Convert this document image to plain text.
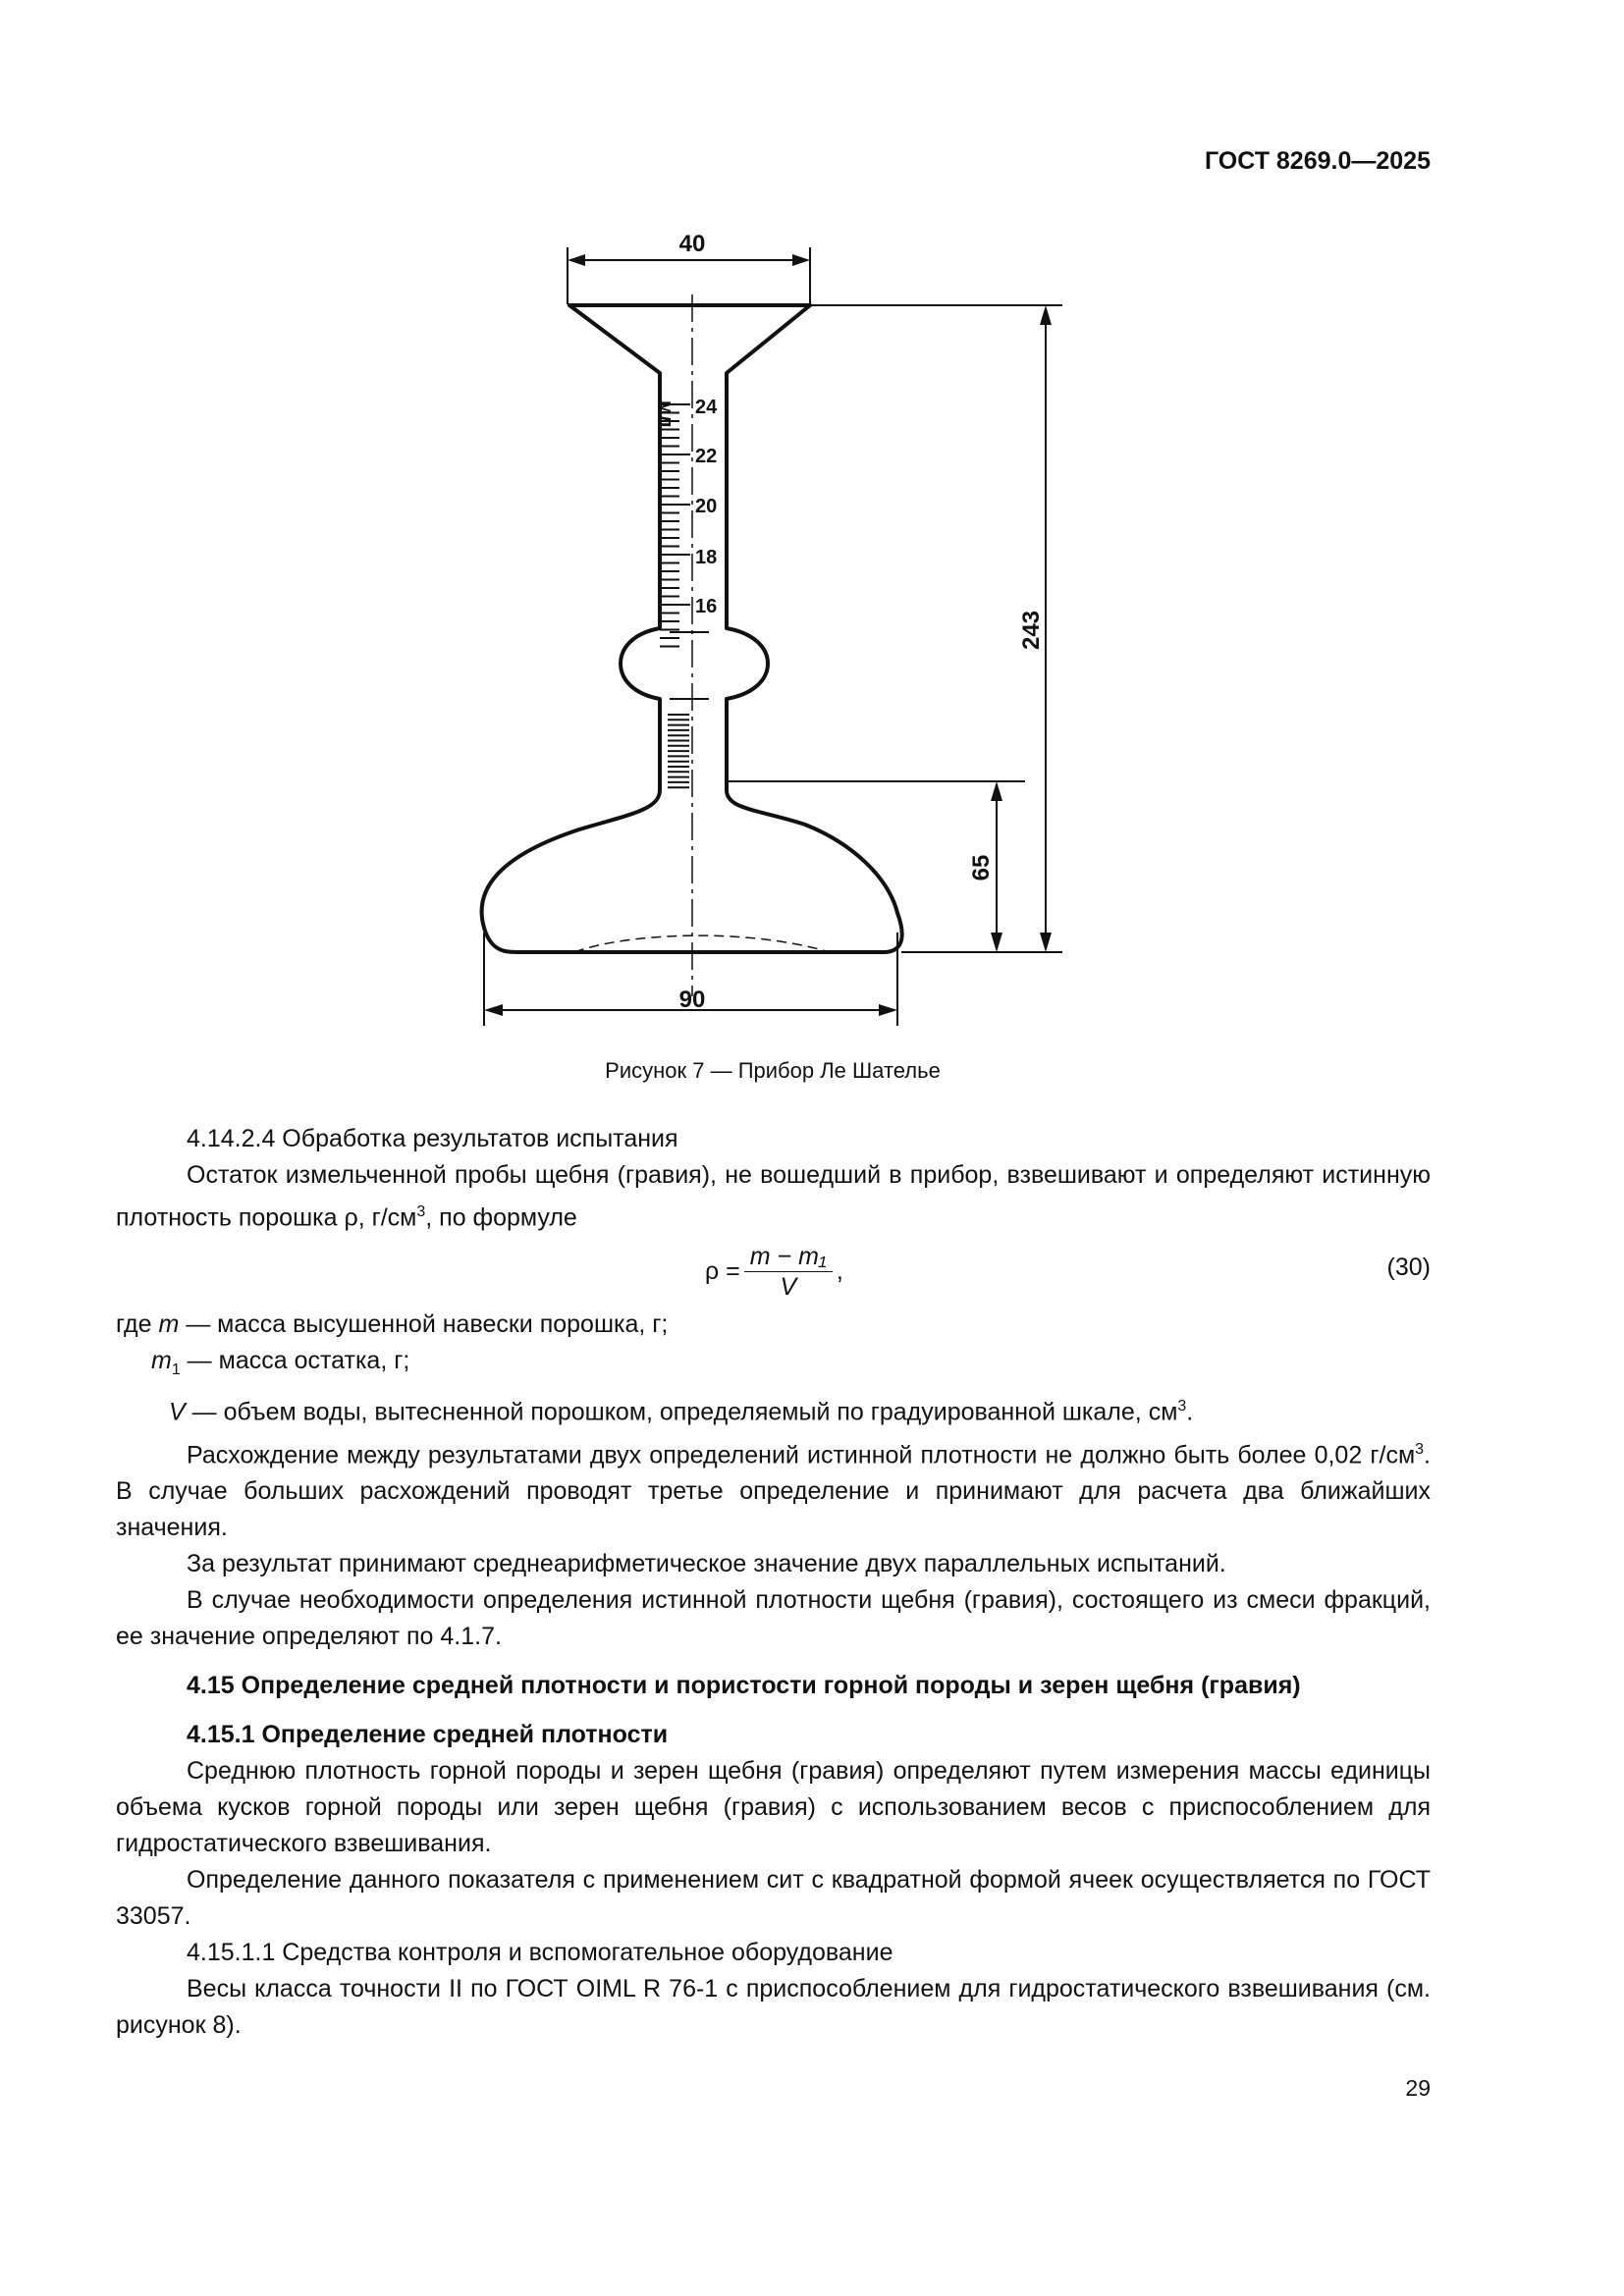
ГОСТ 8269.0—2025
мл 24
22
20
18
16
40
243
65
90
Рисунок 7 — Прибор Ле Шателье

4.14.2.4 Обработка результатов испытания

Остаток измельченной пробы щебня (гравия), не вошедший в прибор, взвешивают и определяют истинную плотность порошка ρ, $г/см^3$, по формуле

$\rho = \frac{\text{m − m₁}}{V}$ ,	(30)

где m — масса высушенной навески порошка, г;

$m_1$ — масса остатка, г;

V — объем воды, вытесненной порошком, определяемый по градуированной шкале, $см^3$.

Расхождение между результатами двух определений истинной плотности не должно быть более 0,02 $г/см^3$. В случае больших расхождений проводят третье определение и принимают для расчета два ближайших значения.

За результат принимают среднеарифметическое значение двух параллельных испытаний.

В случае необходимости определения истинной плотности щебня (гравия), состоящего из смеси фракций, ее значение определяют по 4.1.7.

4.15 Определение средней плотности и пористости горной породы и зерен щебня (гравия)

4.15.1 Определение средней плотности

Среднюю плотность горной породы и зерен щебня (гравия) определяют путем измерения массы единицы объема кусков горной породы или зерен щебня (гравия) с использованием весов с приспособлением для гидростатического взвешивания.

Определение данного показателя с применением сит с квадратной формой ячеек осуществляется по ГОСТ 33057.

4.15.1.1 Средства контроля и вспомогательное оборудование

Весы класса точности II по ГОСТ OIML R 76-1 с приспособлением для гидростатического взвешивания (см. рисунок 8).

29
